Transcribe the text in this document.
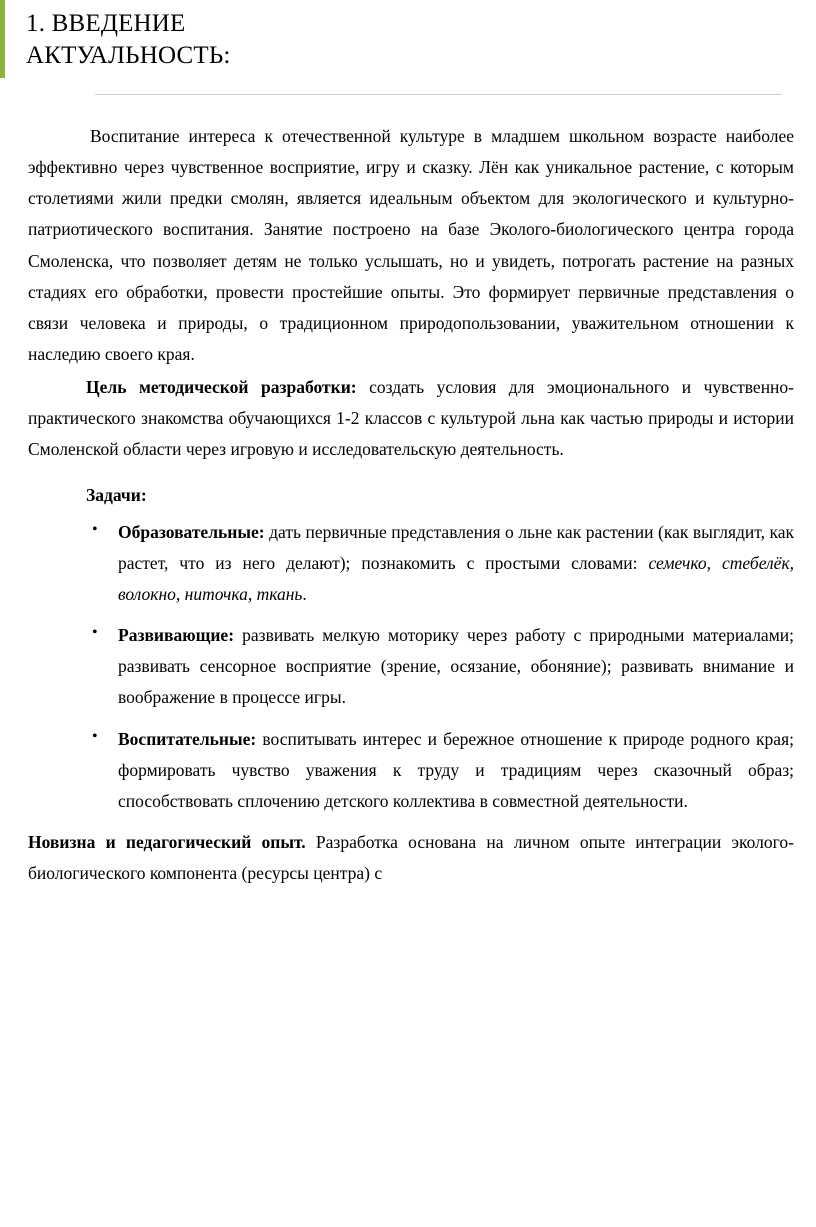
1. ВВЕДЕНИЕ
АКТУАЛЬНОСТЬ:

Воспитание интереса к отечественной культуре в младшем школьном возрасте наиболее эффективно через чувственное восприятие, игру и сказку. Лён как уникальное растение, с которым столетиями жили предки смолян, является идеальным объектом для экологического и культурно-патриотического воспитания. Занятие построено на базе Эколого-биологического центра города Смоленска, что позволяет детям не только услышать, но и увидеть, потрогать растение на разных стадиях его обработки, провести простейшие опыты. Это формирует первичные представления о связи человека и природы, о традиционном природопользовании, уважительном отношении к наследию своего края.

Цель методической разработки: создать условия для эмоционального и чувственно-практического знакомства обучающихся 1-2 классов с культурой льна как частью природы и истории Смоленской области через игровую и исследовательскую деятельность.

Задачи:

• Образовательные: дать первичные представления о льне как растении (как выглядит, как растет, что из него делают); познакомить с простыми словами: семечко, стебелёк, волокно, ниточка, ткань.
• Развивающие: развивать мелкую моторику через работу с природными материалами; развивать сенсорное восприятие (зрение, осязание, обоняние); развивать внимание и воображение в процессе игры.
• Воспитательные: воспитывать интерес и бережное отношение к природе родного края; формировать чувство уважения к труду и традициям через сказочный образ; способствовать сплочению детского коллектива в совместной деятельности.

Новизна и педагогический опыт. Разработка основана на личном опыте интеграции эколого-биологического компонента (ресурсы центра) с
